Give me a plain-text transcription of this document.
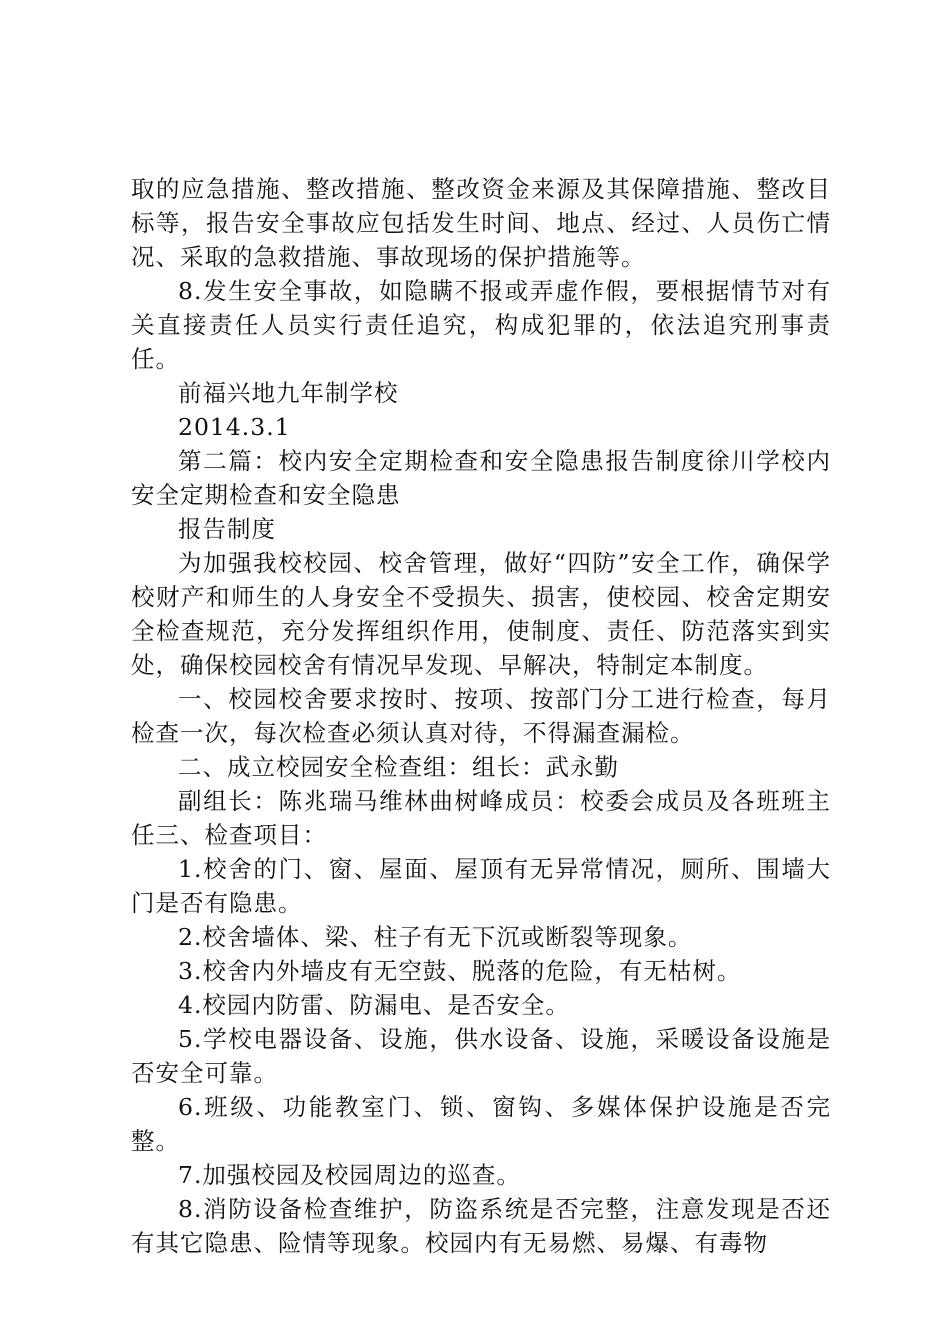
取的应急措施、整改措施、整改资金来源及其保障措施、整改目标等，报告安全事故应包括发生时间、地点、经过、人员伤亡情况、采取的急救措施、事故现场的保护措施等。

8.发生安全事故，如隐瞒不报或弄虚作假，要根据情节对有关直接责任人员实行责任追究，构成犯罪的，依法追究刑事责任。

前福兴地九年制学校

2014.3.1

第二篇：校内安全定期检查和安全隐患报告制度徐川学校内安全定期检查和安全隐患

报告制度

为加强我校校园、校舍管理，做好“四防”安全工作，确保学校财产和师生的人身安全不受损失、损害，使校园、校舍定期安全检查规范，充分发挥组织作用，使制度、责任、防范落实到实处，确保校园校舍有情况早发现、早解决，特制定本制度。

一、校园校舍要求按时、按项、按部门分工进行检查，每月检查一次，每次检查必须认真对待，不得漏查漏检。

二、成立校园安全检查组：组长：武永勤

副组长：陈兆瑞马维林曲树峰成员：校委会成员及各班班主任三、检查项目：

1.校舍的门、窗、屋面、屋顶有无异常情况，厕所、围墙大门是否有隐患。

2.校舍墙体、梁、柱子有无下沉或断裂等现象。

3.校舍内外墙皮有无空鼓、脱落的危险，有无枯树。

4.校园内防雷、防漏电、是否安全。

5.学校电器设备、设施，供水设备、设施，采暖设备设施是否安全可靠。

6.班级、功能教室门、锁、窗钩、多媒体保护设施是否完整。

7.加强校园及校园周边的巡查。

8.消防设备检查维护，防盗系统是否完整，注意发现是否还有其它隐患、险情等现象。校园内有无易燃、易爆、有毒物
